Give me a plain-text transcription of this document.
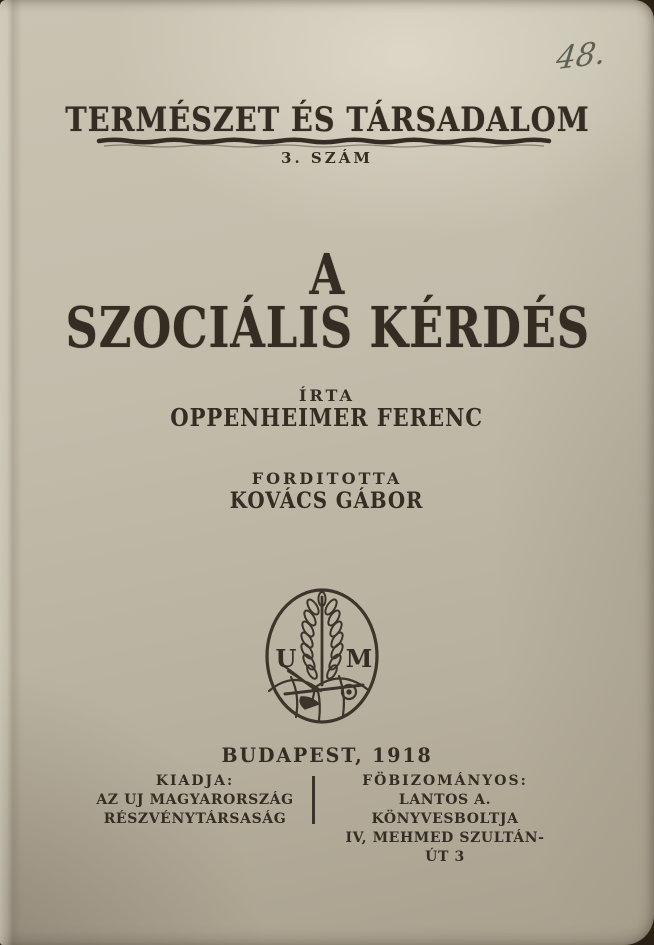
48.
TERMÉSZET ÉS TÁRSADALOM
3. SZÁM
A
SZOCIÁLIS KÉRDÉS
ÍRTA
OPPENHEIMER FERENC
FORDITOTTA
KOVÁCS GÁBOR
U M
BUDAPEST, 1918
KIADJA:
AZ UJ MAGYARORSZÁG
RÉSZVÉNYTÁRSASÁG
FÖBIZOMÁNYOS:
LANTOS A. KÖNYVESBOLTJA
IV, MEHMED SZULTÁN-ÚT 3
